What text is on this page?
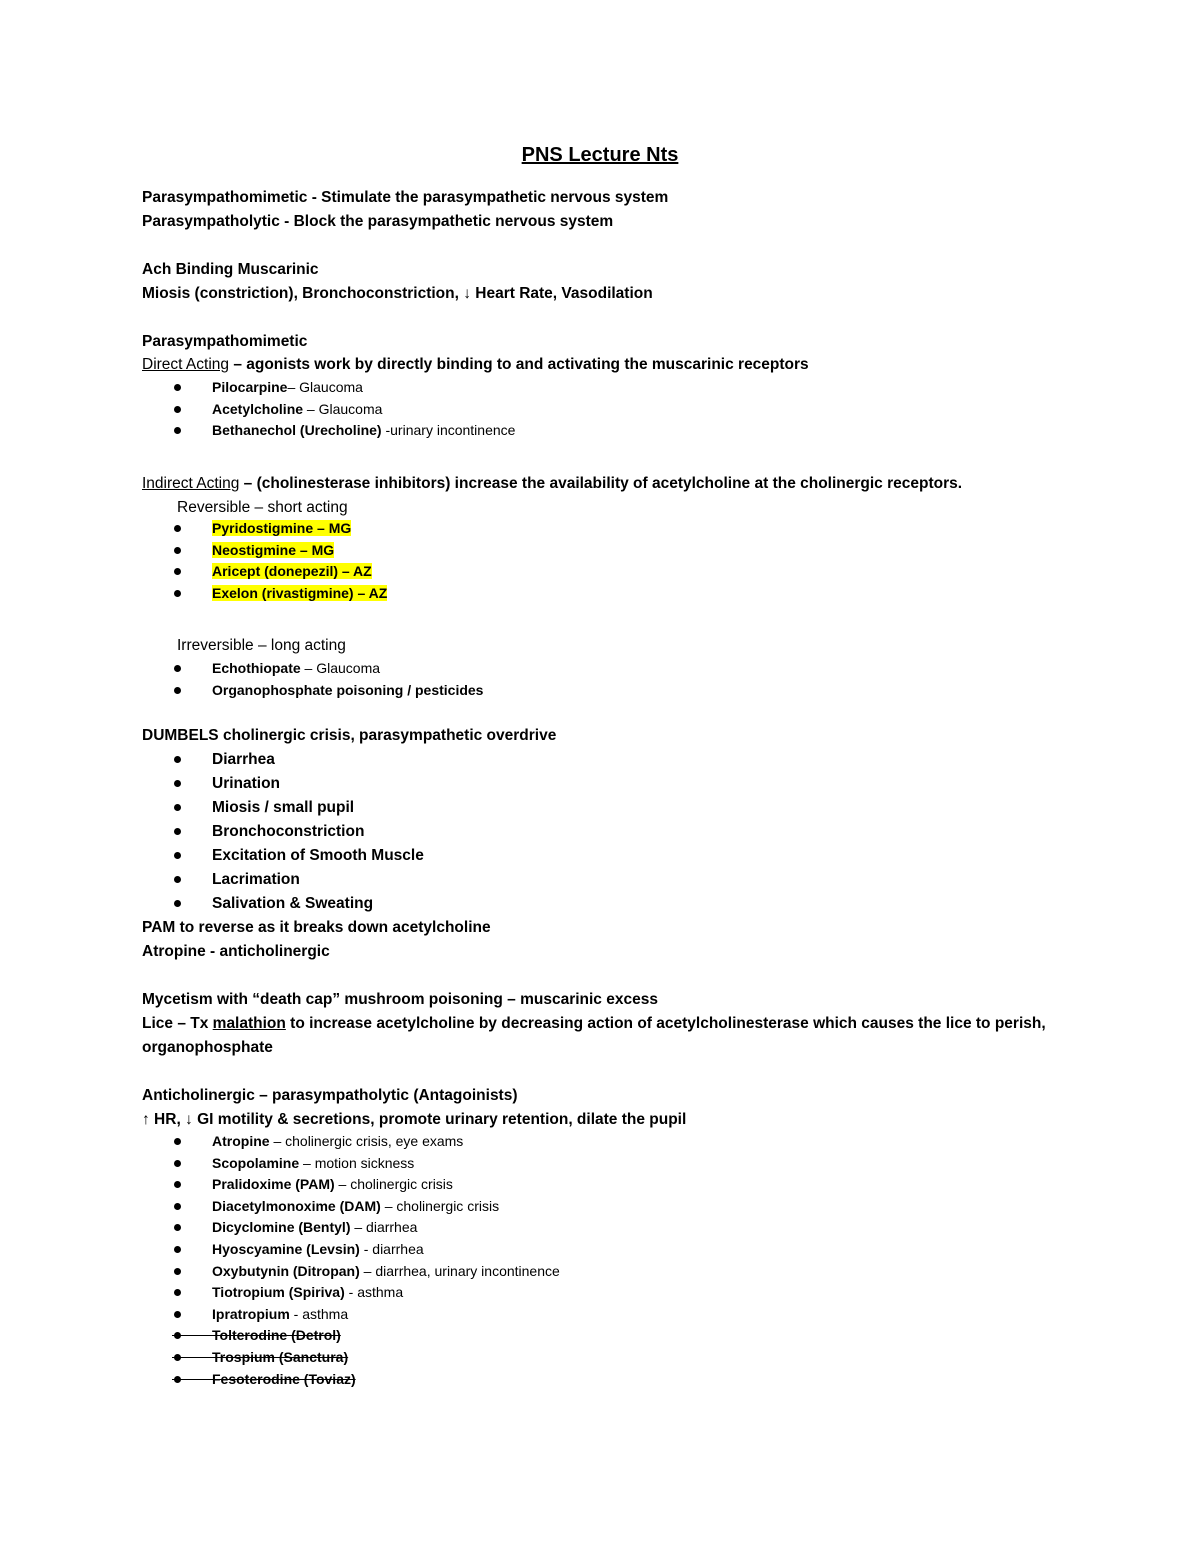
PNS Lecture Nts
Parasympathomimetic - Stimulate the parasympathetic nervous system
Parasympatholytic - Block the parasympathetic nervous system
Ach Binding Muscarinic
Miosis (constriction), Bronchoconstriction, ↓ Heart Rate, Vasodilation
Parasympathomimetic
Direct Acting – agonists work by directly binding to and activating the muscarinic receptors
Pilocarpine– Glaucoma
Acetylcholine – Glaucoma
Bethanechol (Urecholine) -urinary incontinence
Indirect Acting – (cholinesterase inhibitors) increase the availability of acetylcholine at the cholinergic receptors.
Reversible – short acting
Pyridostigmine – MG
Neostigmine – MG
Aricept (donepezil) – AZ
Exelon (rivastigmine) – AZ
Irreversible – long acting
Echothiopate – Glaucoma
Organophosphate poisoning / pesticides
DUMBELS cholinergic crisis, parasympathetic overdrive
Diarrhea
Urination
Miosis / small pupil
Bronchoconstriction
Excitation of Smooth Muscle
Lacrimation
Salivation & Sweating
PAM to reverse as it breaks down acetylcholine
Atropine - anticholinergic
Mycetism with “death cap” mushroom poisoning – muscarinic excess
Lice – Tx malathion to increase acetylcholine by decreasing action of acetylcholinesterase which causes the lice to perish, organophosphate
Anticholinergic – parasympatholytic (Antagoinists)
↑ HR, ↓ GI motility & secretions, promote urinary retention, dilate the pupil
Atropine – cholinergic crisis, eye exams
Scopolamine – motion sickness
Pralidoxime (PAM) – cholinergic crisis
Diacetylmonoxime (DAM) – cholinergic crisis
Dicyclomine (Bentyl) – diarrhea
Hyoscyamine (Levsin) - diarrhea
Oxybutynin (Ditropan) – diarrhea, urinary incontinence
Tiotropium (Spiriva) - asthma
Ipratropium - asthma
Tolterodine (Detrol)
Trospium (Sanctura)
Fesoterodine (Toviaz)
